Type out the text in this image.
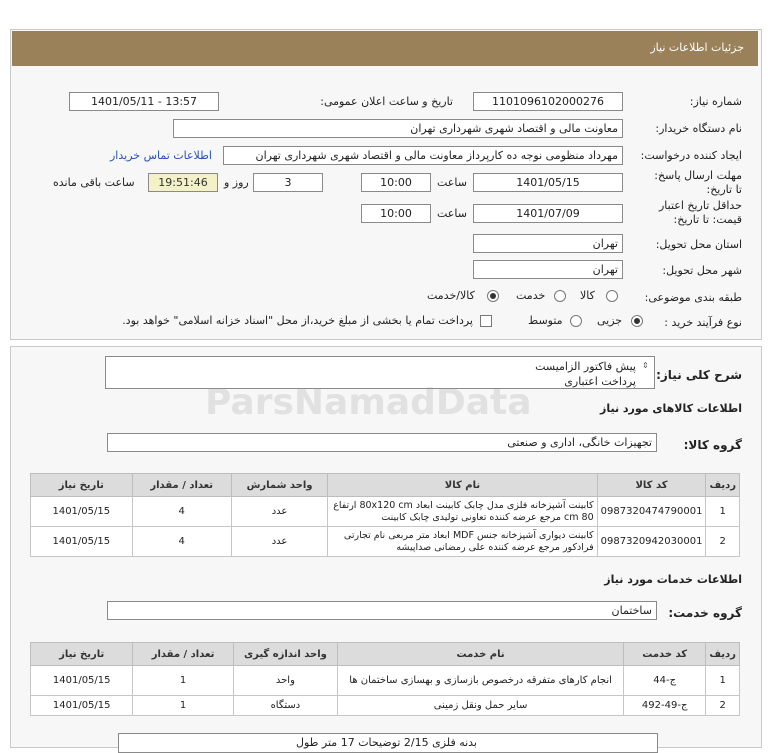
جزئیات اطلاعات نیاز
شماره نیاز:
1101096102000276
تاریخ و ساعت اعلان عمومی:
1401/05/11 - 13:57
نام دستگاه خریدار:
معاونت مالی و اقتصاد شهری شهرداری تهران
ایجاد کننده درخواست:
مهرداد منظومی نوجه ده کارپرداز معاونت مالی و اقتصاد شهری شهرداری تهران
اطلاعات تماس خریدار
مهلت ارسال پاسخ: تا تاریخ:
1401/05/15
ساعت
10:00
3
روز و
19:51:46
ساعت باقی مانده
حداقل تاریخ اعتبار قیمت: تا تاریخ:
1401/07/09
ساعت
10:00
استان محل تحویل:
تهران
شهر محل تحویل:
تهران
طبقه بندی موضوعی:
کالا
خدمت
کالا/خدمت
نوع فرآیند خرید :
جزیی
متوسط
پرداخت تمام یا بخشی از مبلغ خرید،از محل "اسناد خزانه اسلامی" خواهد بود.
شرح کلی نیاز:
⇕
پیش فاکتور الزامیست
پرداخت اعتباری
اطلاعات کالاهای مورد نیاز
گروه کالا:
تجهیزات خانگی، اداری و صنعتی
ردیف	کد کالا	نام کالا	واحد شمارش	تعداد / مقدار	تاریخ نیاز
1	0987320474790001	کابینت آشپزخانه فلزی مدل چابک کابینت ابعاد 80x120 cm ارتفاع 80 cm مرجع عرضه کننده تعاونی تولیدی چابک کابینت	عدد	4	1401/05/15
2	0987320942030001	کابینت دیواری آشپزخانه جنس MDF ابعاد متر مربعی نام تجارتی فرادکور مرجع عرضه کننده علی رمضانی صداپیشه	عدد	4	1401/05/15
اطلاعات خدمات مورد نیاز
گروه خدمت:
ساختمان
ردیف	کد خدمت	نام خدمت	واحد اندازه گیری	تعداد / مقدار	تاریخ نیاز
1	ج-44	انجام کارهای متفرقه درخصوص بازسازی و بهسازی ساختمان ها	واحد	1	1401/05/15
2	ج-49-492	سایر حمل ونقل زمینی	دستگاه	1	1401/05/15
بدنه فلزی 2/15 توضیحات 17 متر طول
ParsNamadData
